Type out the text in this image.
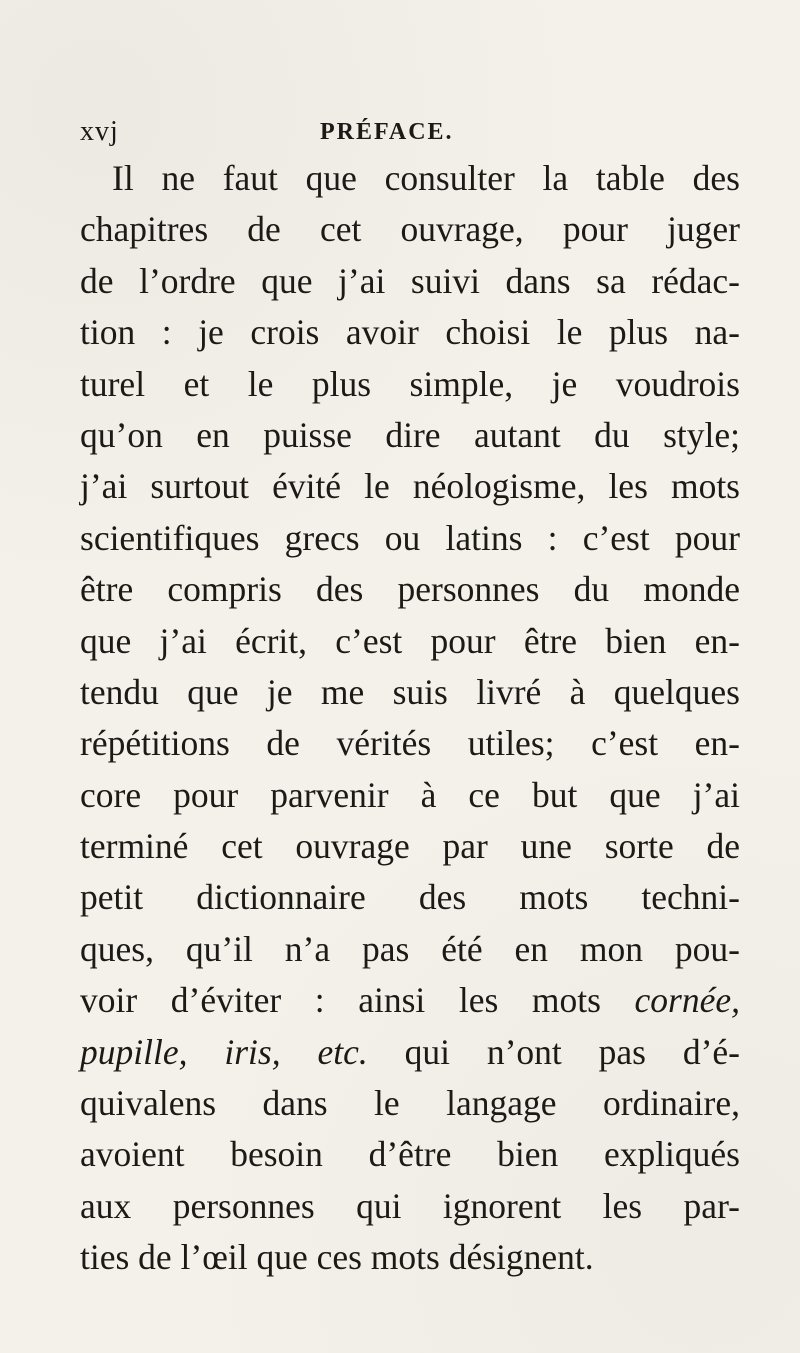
xvj	PRÉFACE.
Il ne faut que consulter la table des
chapitres de cet ouvrage, pour juger
de l’ordre que j’ai suivi dans sa rédac-
tion : je crois avoir choisi le plus na-
turel et le plus simple, je voudrois
qu’on en puisse dire autant du style;
j’ai surtout évité le néologisme, les mots
scientifiques grecs ou latins : c’est pour
être compris des personnes du monde
que j’ai écrit, c’est pour être bien en-
tendu que je me suis livré à quelques
répétitions de vérités utiles; c’est en-
core pour parvenir à ce but que j’ai
terminé cet ouvrage par une sorte de
petit dictionnaire des mots techni-
ques, qu’il n’a pas été en mon pou-
voir d’éviter : ainsi les mots cornée,
pupille, iris, etc. qui n’ont pas d’é-
quivalens dans le langage ordinaire,
avoient besoin d’être bien expliqués
aux personnes qui ignorent les par-
ties de l’œil que ces mots désignent.
